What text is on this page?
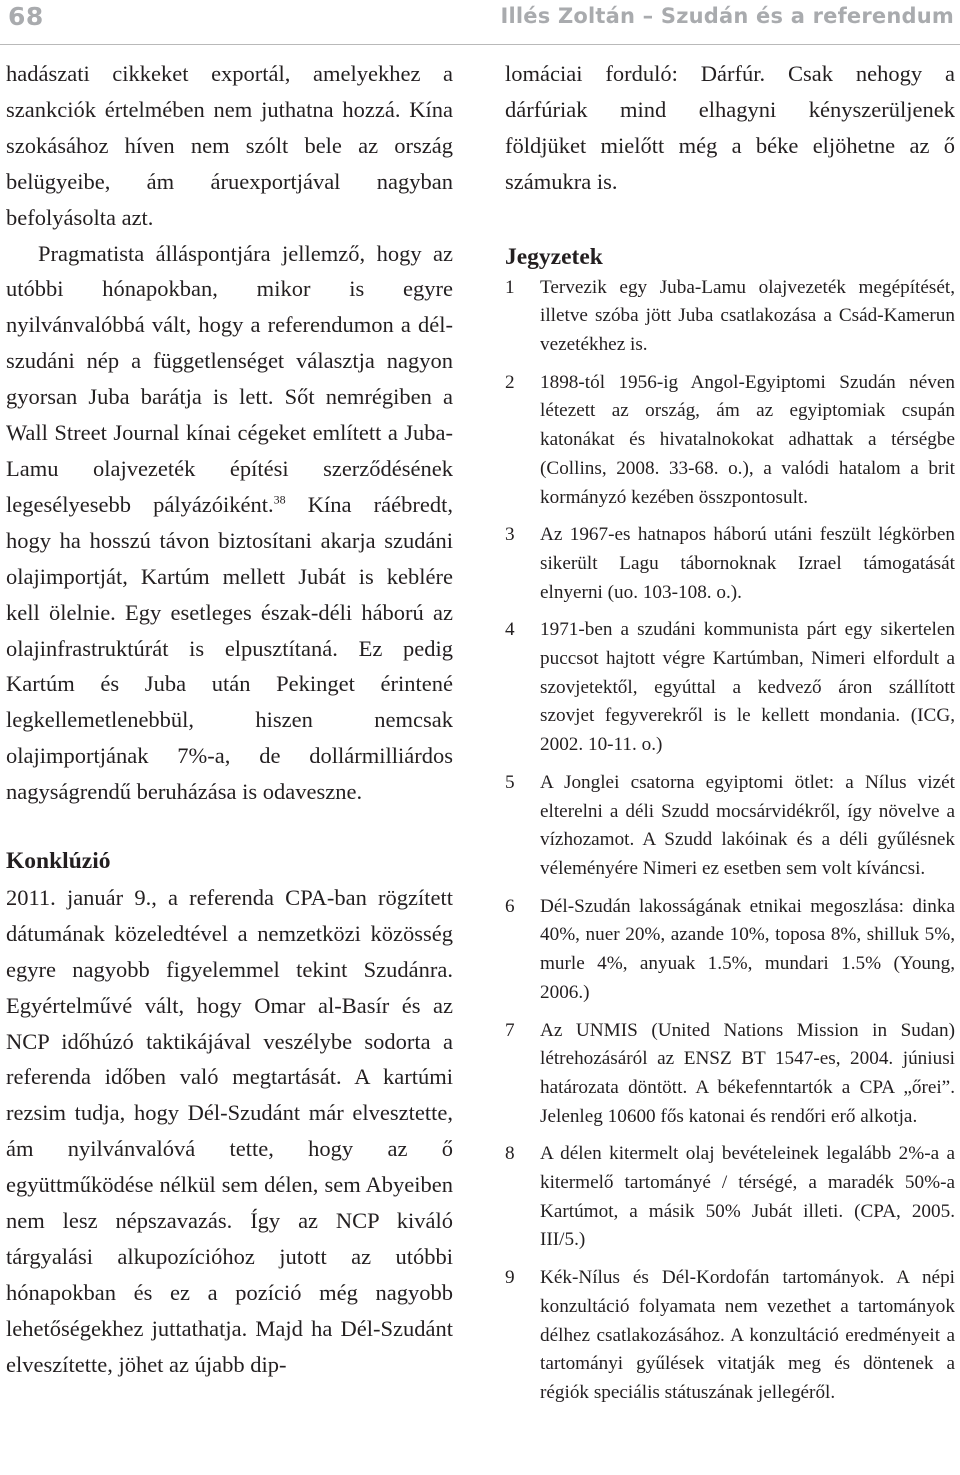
68	Illés Zoltán – Szudán és a referendum

hadászati cikkeket exportál, amelyekhez a szankciók értelmében nem juthatna hozzá. Kína szokásához híven nem szólt bele az ország belügyeibe, ám áruexportjával nagyban befolyásolta azt.

Pragmatista álláspontjára jellemző, hogy az utóbbi hónapokban, mikor is egyre nyilvánvalóbbá vált, hogy a referendumon a dél-szudáni nép a függetlenséget választja nagyon gyorsan Juba barátja is lett. Sőt nemrégiben a Wall Street Journal kínai cégeket említett a Juba-Lamu olajvezeték építési szerződésének legesélyesebb pályázóiként.$^{38}$ Kína ráébredt, hogy ha hosszú távon biztosítani akarja szudáni olajimportját, Kartúm mellett Jubát is keblére kell ölelnie. Egy esetleges észak-déli háború az olajinfrastruktúrát is elpusztítaná. Ez pedig Kartúm és Juba után Pekinget érintené legkellemetlenebbül, hiszen nemcsak olajimportjának 7%-a, de dollármilliárdos nagyságrendű beruházása is odaveszne.

Konklúzió

2011. január 9., a referenda CPA-ban rögzített dátumának közeledtével a nemzetközi közösség egyre nagyobb figyelemmel tekint Szudánra. Egyértelművé vált, hogy Omar al-Basír és az NCP időhúzó taktikájával veszélybe sodorta a referenda időben való megtartását. A kartúmi rezsim tudja, hogy Dél-Szudánt már elvesztette, ám nyilvánvalóvá tette, hogy az ő együttműködése nélkül sem délen, sem Abyeiben nem lesz népszavazás. Így az NCP kiváló tárgyalási alkupozícióhoz jutott az utóbbi hónapokban és ez a pozíció még nagyobb lehetőségekhez juttathatja. Majd ha Dél-Szudánt elveszítette, jöhet az újabb dip-

lomáciai forduló: Dárfúr. Csak nehogy a dárfúriak mind elhagyni kényszerüljenek földjüket mielőtt még a béke eljöhetne az ő számukra is.

Jegyzetek
1 Tervezik egy Juba-Lamu olajvezeték megépítését, illetve szóba jött Juba csatlakozása a Csád-Kamerun vezetékhez is.
2 1898-tól 1956-ig Angol-Egyiptomi Szudán néven létezett az ország, ám az egyiptomiak csupán katonákat és hivatalnokokat adhattak a térségbe (Collins, 2008. 33-68. o.), a valódi hatalom a brit kormányzó kezében összpontosult.
3 Az 1967-es hatnapos háború utáni feszült légkörben sikerült Lagu tábornoknak Izrael támogatását elnyerni (uo. 103-108. o.).
4 1971-ben a szudáni kommunista párt egy sikertelen puccsot hajtott végre Kartúmban, Nimeri elfordult a szovjetektől, egyúttal a kedvező áron szállított szovjet fegyverekről is le kellett mondania. (ICG, 2002. 10-11. o.)
5 A Jonglei csatorna egyiptomi ötlet: a Nílus vizét elterelni a déli Szudd mocsárvidékről, így növelve a vízhozamot. A Szudd lakóinak és a déli gyűlésnek véleményére Nimeri ez esetben sem volt kíváncsi.
6 Dél-Szudán lakosságának etnikai megoszlása: dinka 40%, nuer 20%, azande 10%, toposa 8%, shilluk 5%, murle 4%, anyuak 1.5%, mundari 1.5% (Young, 2006.)
7 Az UNMIS (United Nations Mission in Sudan) létrehozásáról az ENSZ BT 1547-es, 2004. júniusi határozata döntött. A békefenntartók a CPA „őrei”. Jelenleg 10600 fős katonai és rendőri erő alkotja.
8 A délen kitermelt olaj bevételeinek legalább 2%-a a kitermelő tartományé / térségé, a maradék 50%-a Kartúmot, a másik 50% Jubát illeti. (CPA, 2005. III/5.)
9 Kék-Nílus és Dél-Kordofán tartományok. A népi konzultáció folyamata nem vezethet a tartományok délhez csatlakozásához. A konzultáció eredményeit a tartományi gyűlések vitatják meg és döntenek a régiók speciális státuszának jellegéről.
